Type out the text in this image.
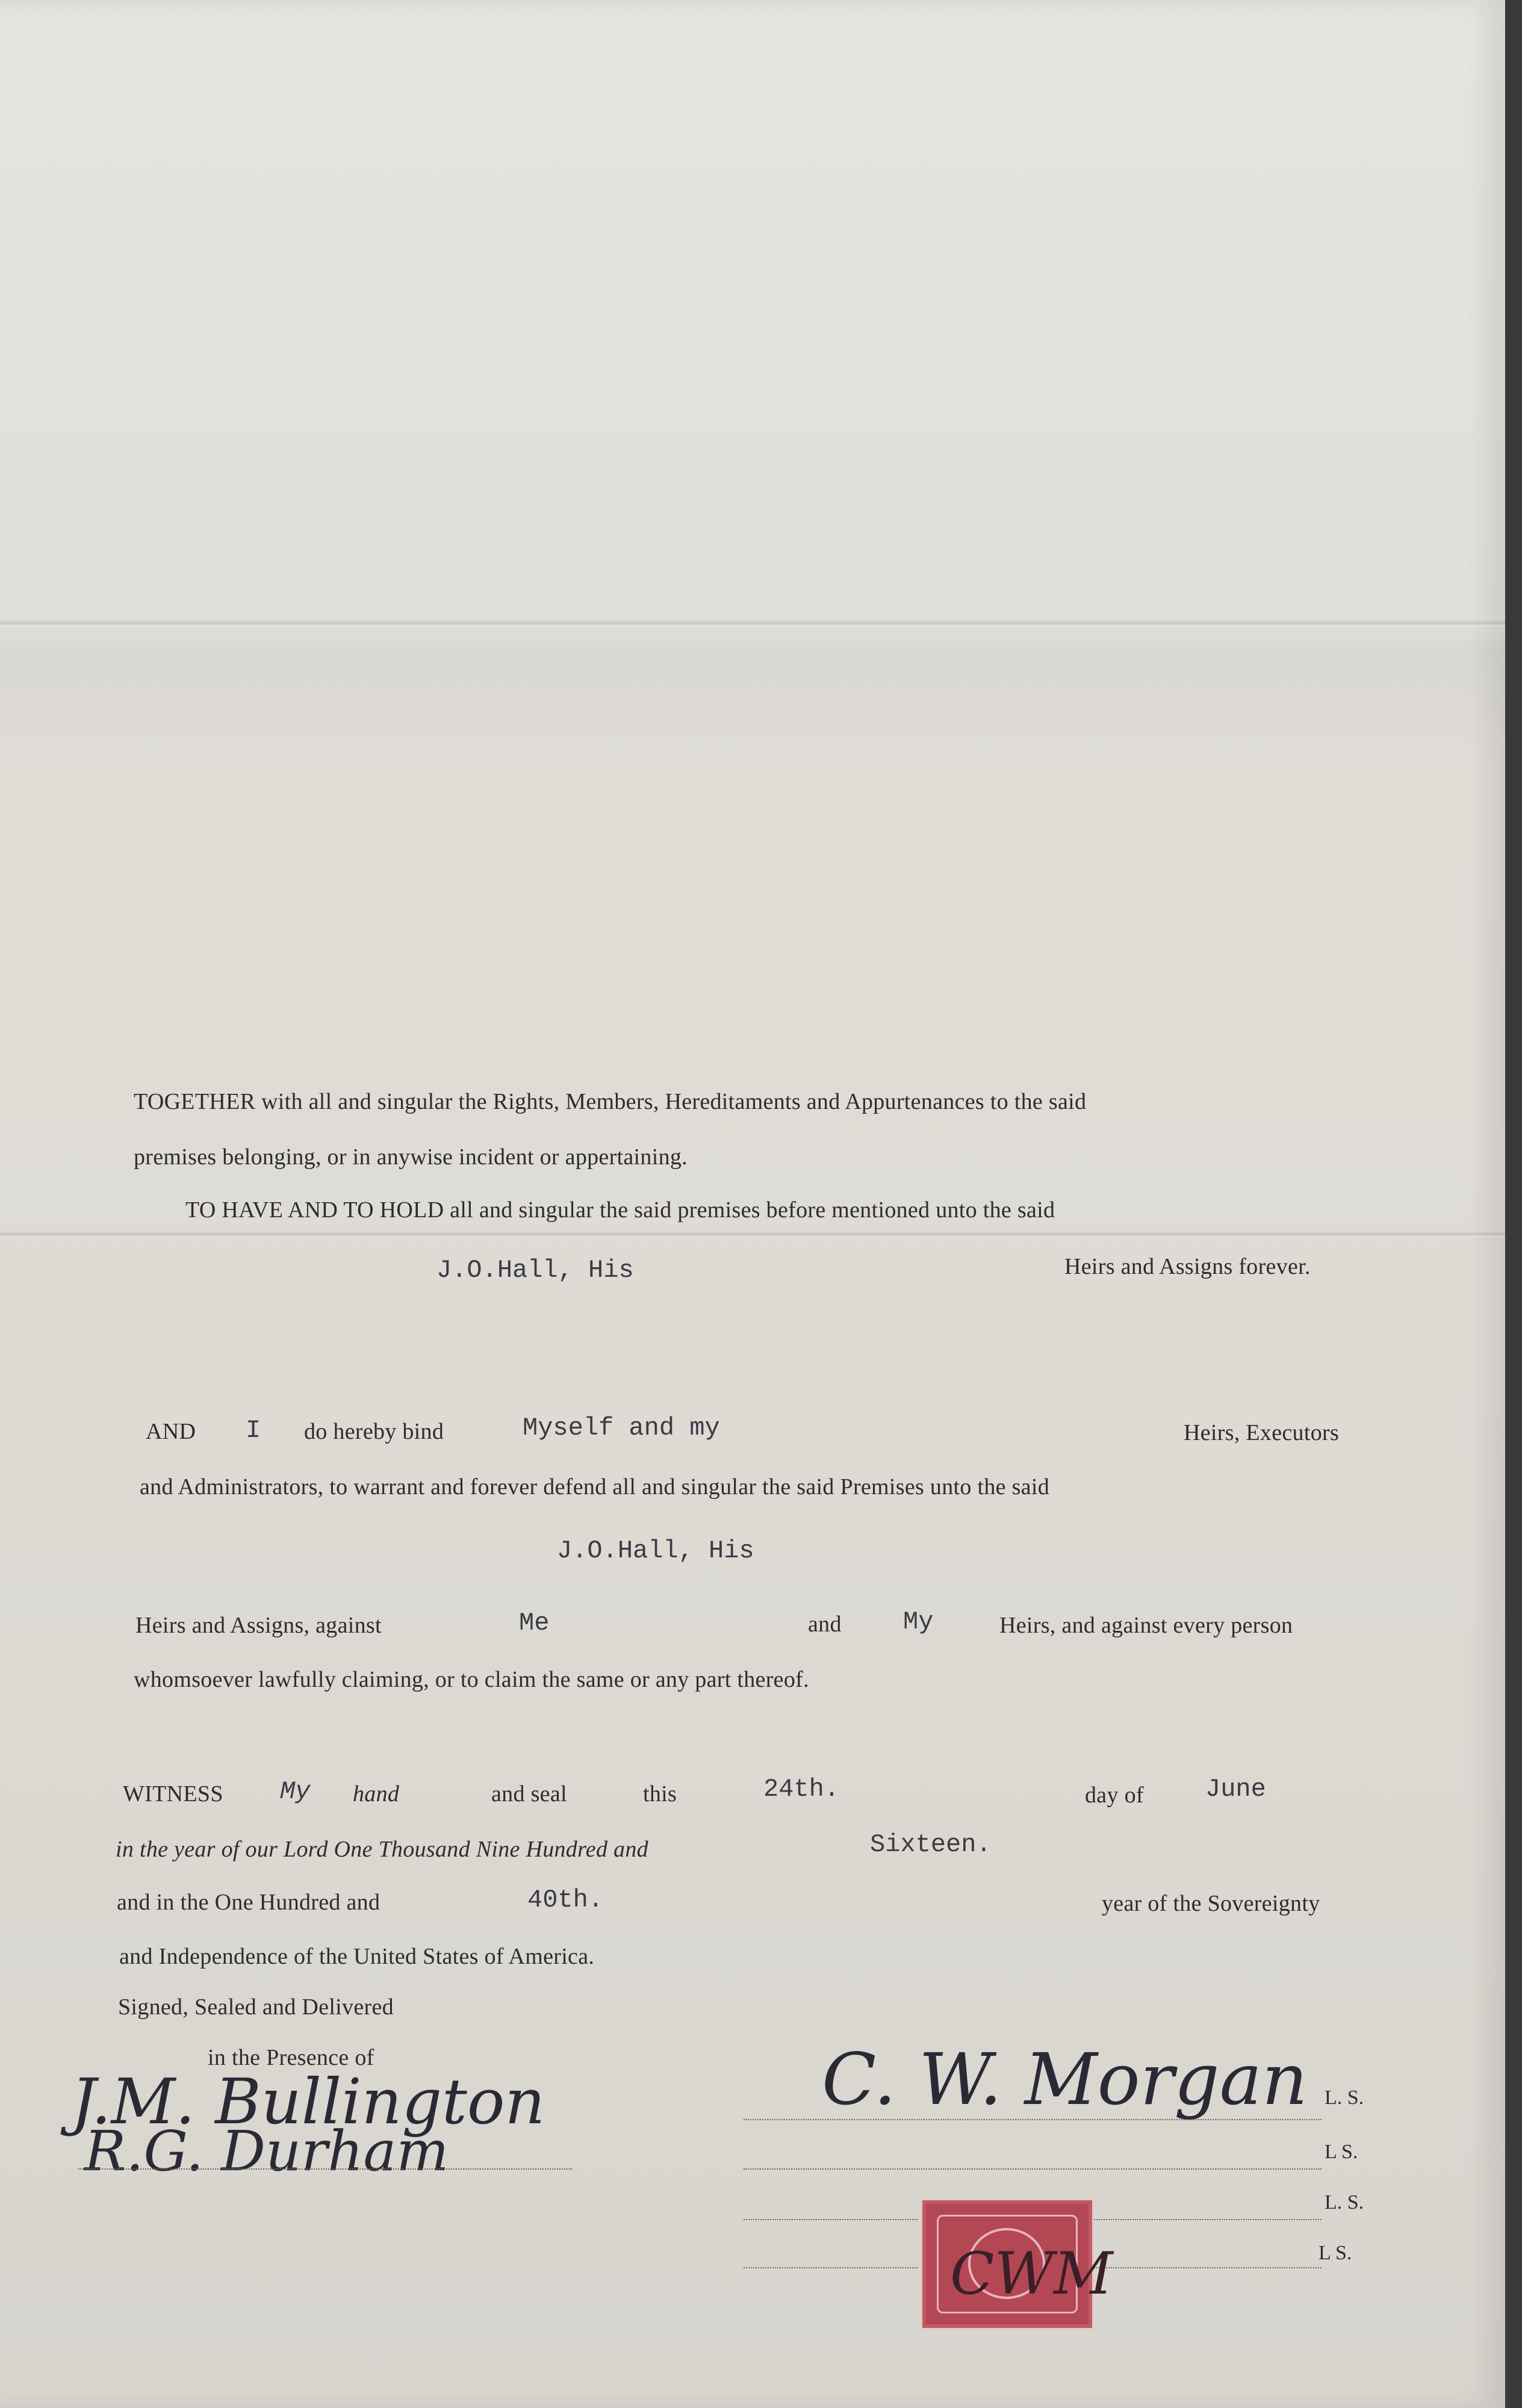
TOGETHER with all and singular the Rights, Members, Hereditaments and Appurtenances to the said
premises belonging, or in anywise incident or appertaining.
TO HAVE AND TO HOLD all and singular the said premises before mentioned unto the said
J.O.Hall, His	Heirs and Assigns forever.
AND I do hereby bind	Myself and my	Heirs, Executors
and Administrators, to warrant and forever defend all and singular the said Premises unto the said
J.O.Hall, His
Heirs and Assigns, against	Me	and My	Heirs, and against every person
whomsoever lawfully claiming, or to claim the same or any part thereof.
WITNESS My hand	and seal	this	24th.	day of June
in the year of our Lord One Thousand Nine Hundred and	Sixteen.
and in the One Hundred and	40th.	year of the Sovereignty
and Independence of the United States of America.
Signed, Sealed and Delivered
in the Presence of
J.M. Bullington
R.G. Durham
C. W. Morgan L. S.
L S.
L. S.
L S.
CWM
